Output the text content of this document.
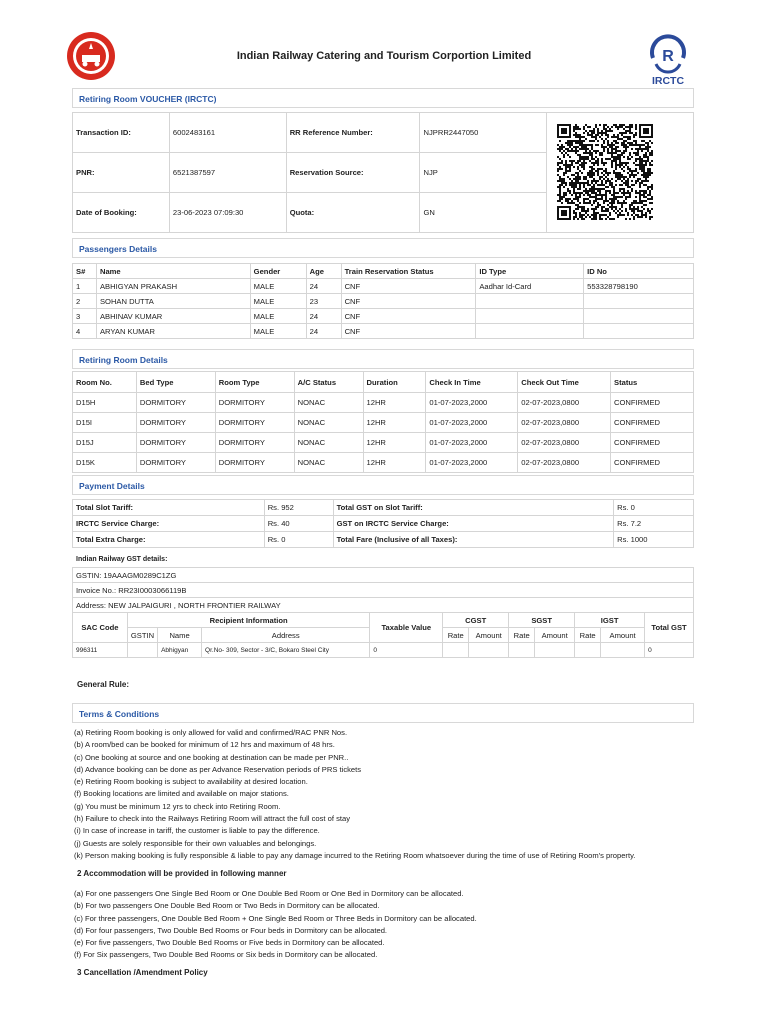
Indian Railway Catering and Tourism Corportion Limited	R
IRCTC
Retiring Room VOUCHER (IRCTC)
Transaction ID:	6002483161	RR Reference Number:	NJPRR2447050	
PNR:	6521387597	Reservation Source:	NJP	
Date of Booking:	23-06-2023 07:09:30	Quota:	GN	
Passengers Details
S#	Name	Gender	Age	Train Reservation Status	ID Type	ID No
1	ABHIGYAN PRAKASH	MALE	24	CNF	Aadhar Id-Card	553328798190
2	SOHAN DUTTA	MALE	23	CNF		
3	ABHINAV KUMAR	MALE	24	CNF		
4	ARYAN KUMAR	MALE	24	CNF		
Retiring Room Details
Room No.	Bed Type	Room Type	A/C Status	Duration	Check In Time	Check Out Time	Status
D15H	DORMITORY	DORMITORY	NONAC	12HR	01-07-2023,2000	02-07-2023,0800	CONFIRMED
D15I	DORMITORY	DORMITORY	NONAC	12HR	01-07-2023,2000	02-07-2023,0800	CONFIRMED
D15J	DORMITORY	DORMITORY	NONAC	12HR	01-07-2023,2000	02-07-2023,0800	CONFIRMED
D15K	DORMITORY	DORMITORY	NONAC	12HR	01-07-2023,2000	02-07-2023,0800	CONFIRMED
Payment Details
Total Slot Tariff:	Rs. 952	Total GST on Slot Tariff:	Rs. 0
IRCTC Service Charge:	Rs. 40	GST on IRCTC Service Charge:	Rs. 7.2
Total Extra Charge:	Rs. 0	Total Fare (Inclusive of all Taxes):	Rs. 1000
Indian Railway GST details:
GSTIN: 19AAAGM0289C1ZG											
Invoice No.: RR23I0003066119B											
Address: NEW JALPAIGURI , NORTH FRONTIER RAILWAY											
SAC Code	Recipient Information			Taxable Value	CGST		SGST		IGST		Total GST
	GSTIN	Name	Address		Rate	Amount	Rate	Amount	Rate	Amount	
996311		Abhigyan	Qr.No- 309, Sector - 3/C, Bokaro Steel City	0							0
General Rule:
Terms & Conditions
(a) Retiring Room booking is only allowed for valid and confirmed/RAC PNR Nos.
(b) A room/bed can be booked for minimum of 12 hrs and maximum of 48 hrs.
(c) One booking at source and one booking at destination can be made per PNR..
(d) Advance booking can be done as per Advance Reservation periods of PRS tickets
(e) Retiring Room booking is subject to availability at desired location.
(f) Booking locations are limited and available on major stations.
(g) You must be minimum 12 yrs to check into Retiring Room.
(h) Failure to check into the Railways Retiring Room will attract the full cost of stay
(i) In case of increase in tariff, the customer is liable to pay the difference.
(j) Guests are solely responsible for their own valuables and belongings.
(k) Person making booking is fully responsible & liable to pay any damage incurred to the Retiring Room whatsoever during the time of use of Retiring Room's property.
2 Accommodation will be provided in following manner
(a) For one passengers One Single Bed Room or One Double Bed Room or One Bed in Dormitory can be allocated.
(b) For two passengers One Double Bed Room or Two Beds in Dormitory can be allocated.
(c) For three passengers, One Double Bed Room + One Single Bed Room or Three Beds in Dormitory can be allocated.
(d) For four passengers, Two Double Bed Rooms or Four beds in Dormitory can be allocated.
(e) For five passengers, Two Double Bed Rooms or Five beds in Dormitory can be allocated.
(f) For Six passengers, Two Double Bed Rooms or Six beds in Dormitory can be allocated.
3 Cancellation /Amendment Policy
